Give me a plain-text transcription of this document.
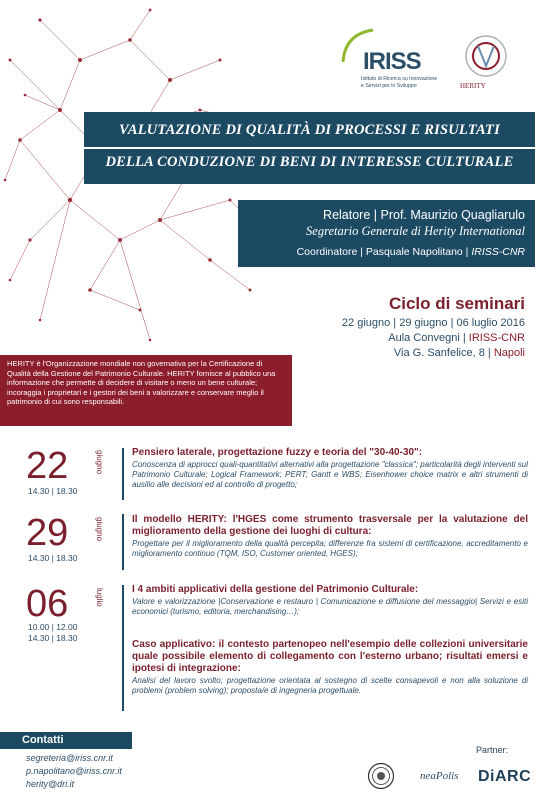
IRISS
Istituto di Ricerca su Innovazione e Servizi per lo Sviluppo	HERITY
VALUTAZIONE DI QUALITÀ DI PROCESSI E RISULTATI
DELLA CONDUZIONE DI BENI DI INTERESSE CULTURALE
Relatore | Prof. Maurizio Quagliarulo
Segretario Generale di Herity International
Coordinatore | Pasquale Napolitano | IRISS-CNR
Ciclo di seminari
22 giugno | 29 giugno | 06 luglio 2016
Aula Convegni | IRISS-CNR
Via G. Sanfelice, 8 | Napoli
HERITY è l'Organizzazione mondiale non governativa per la Certificazione di Qualità della Gestione del Patrimonio Culturale. HERITY fornisce al pubblico una informazione che permette di decidere di visitare o meno un bene culturale; incoraggia i proprietari e i gestori dei beni a valorizzare e conservare meglio il patrimonio di cui sono responsabili.
22	giugno
14.30 | 18.30
Pensiero laterale, progettazione fuzzy e teoria del "30-40-30":
Conoscenza di approcci quali-quantitativi alternativi alla progettazione "classica"; particolarità degli interventi sul Patrimonio Culturale; Logical Framework; PERT; Gantt e WBS; Eisenhower choice matrix e altri strumenti di ausilio alle decisioni ed al controllo di progetto;
29	giugno
14.30 | 18.30
Il modello HERITY: l'HGES come strumento trasversale per la valutazione del miglioramento della gestione dei luoghi di cultura:
Progettare per il miglioramento della qualità percepita; differenze fra sistemi di certificazione, accreditamento e miglioramento continuo (TQM, ISO, Customer oriented, HGES);
06	luglio
10.00 | 12.00
14.30 | 18.30
I 4 ambiti applicativi della gestione del Patrimonio Culturale:
Valore e valorizzazione |Conservazione e restauro | Comunicazione e diffusione del messaggio| Servizi e esiti economici (turismo, editoria, merchandising…);
Caso applicativo: il contesto partenopeo nell'esempio delle collezioni universitarie quale possibile elemento di collegamento con l'esterno urbano; risultati emersi e ipotesi di integrazione:
Analisi del lavoro svolto; progettazione orientata al sostegno di scelte consapevoli e non alla soluzione di problemi (problem solving); proposta/e di ingegneria progettuale.
Contatti
segreteria@iriss.cnr.it
p.napolitano@iriss.cnr.it
herity@dri.it
Partner:
neaPolis DiARC
